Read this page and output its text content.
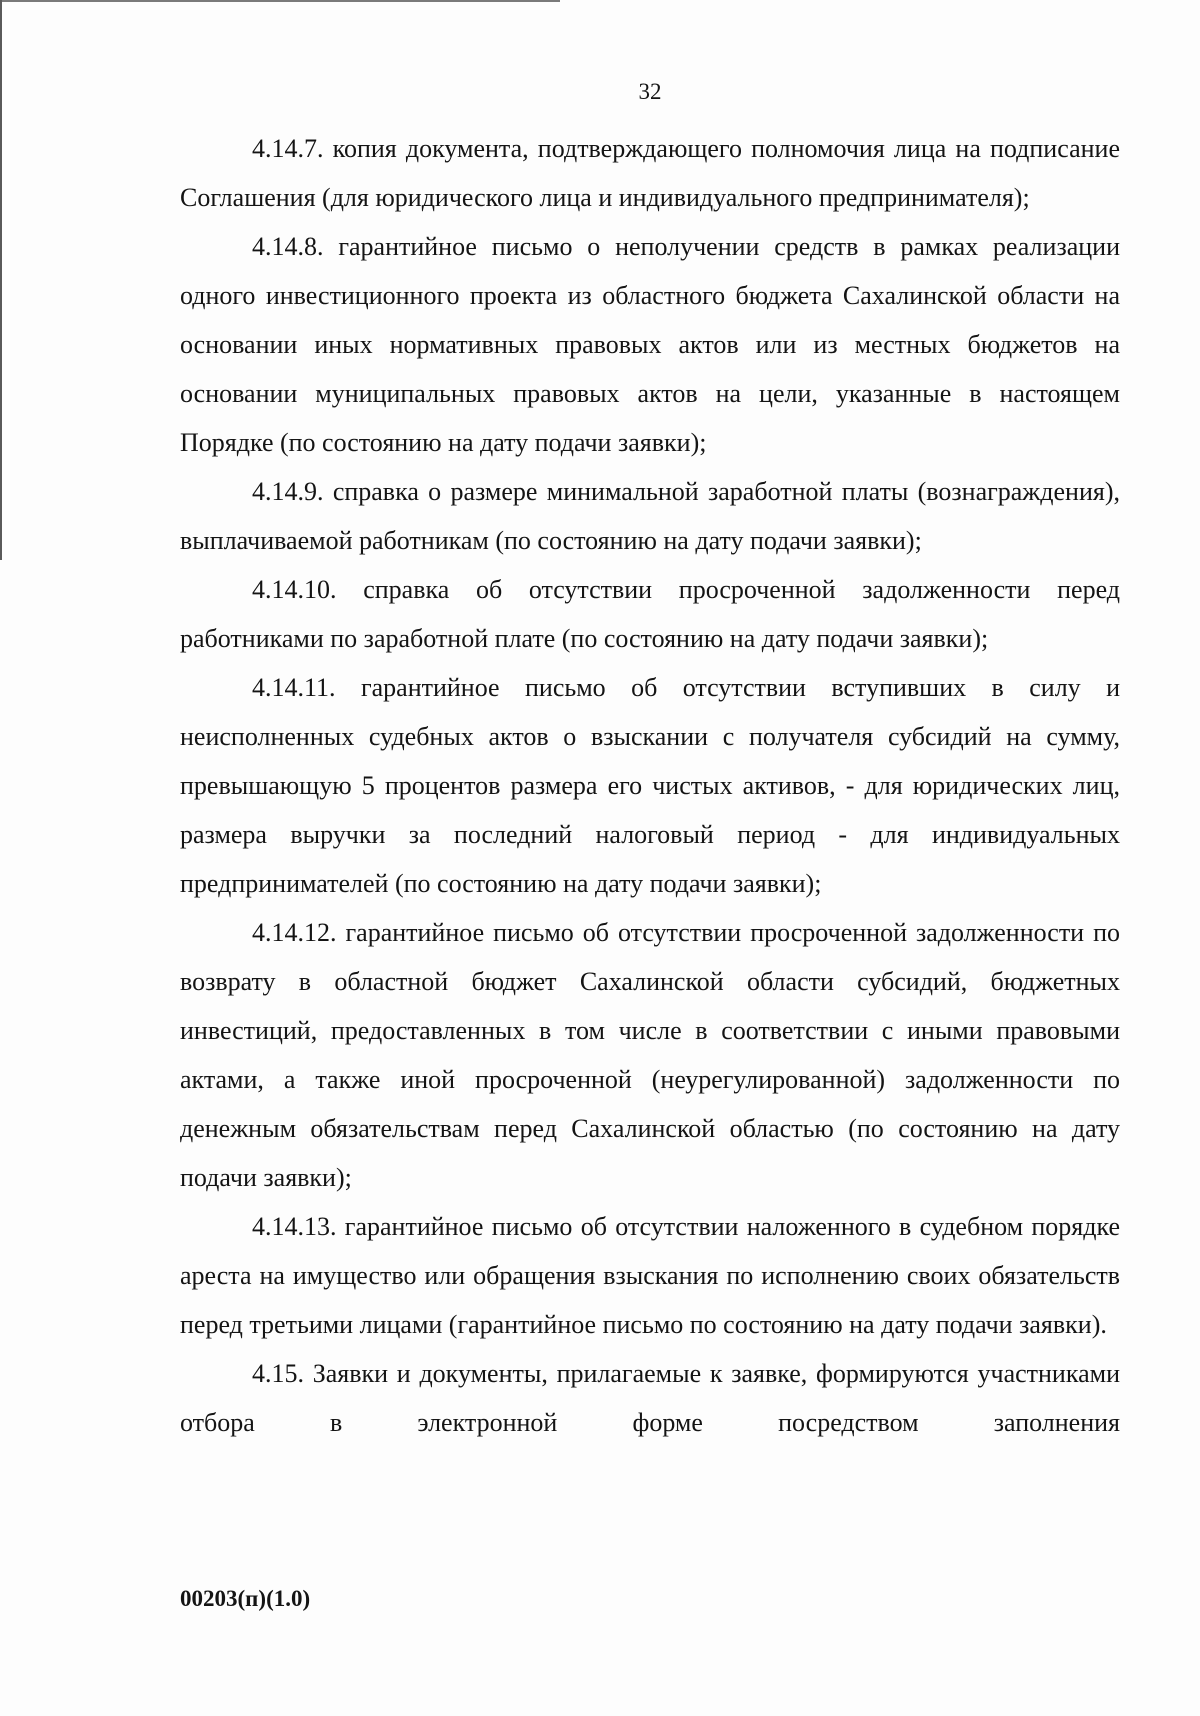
32

4.14.7. копия документа, подтверждающего полномочия лица на подписание Соглашения (для юридического лица и индивидуального предпринимателя);

4.14.8. гарантийное письмо о неполучении средств в рамках реализации одного инвестиционного проекта из областного бюджета Сахалинской области на основании иных нормативных правовых актов или из местных бюджетов на основании муниципальных правовых актов на цели, указанные в настоящем Порядке (по состоянию на дату подачи заявки);

4.14.9. справка о размере минимальной заработной платы (вознаграждения), выплачиваемой работникам (по состоянию на дату подачи заявки);

4.14.10. справка об отсутствии просроченной задолженности перед работниками по заработной плате (по состоянию на дату подачи заявки);

4.14.11. гарантийное письмо об отсутствии вступивших в силу и неисполненных судебных актов о взыскании с получателя субсидий на сумму, превышающую 5 процентов размера его чистых активов, - для юридических лиц, размера выручки за последний налоговый период - для индивидуальных предпринимателей (по состоянию на дату подачи заявки);

4.14.12. гарантийное письмо об отсутствии просроченной задолженности по возврату в областной бюджет Сахалинской области субсидий, бюджетных инвестиций, предоставленных в том числе в соответствии с иными правовыми актами, а также иной просроченной (неурегулированной) задолженности по денежным обязательствам перед Сахалинской областью (по состоянию на дату подачи заявки);

4.14.13. гарантийное письмо об отсутствии наложенного в судебном порядке ареста на имущество или обращения взыскания по исполнению своих обязательств перед третьими лицами (гарантийное письмо по состоянию на дату подачи заявки).

4.15. Заявки и документы, прилагаемые к заявке, формируются участниками отбора в электронной форме посредством заполнения

00203(п)(1.0)
